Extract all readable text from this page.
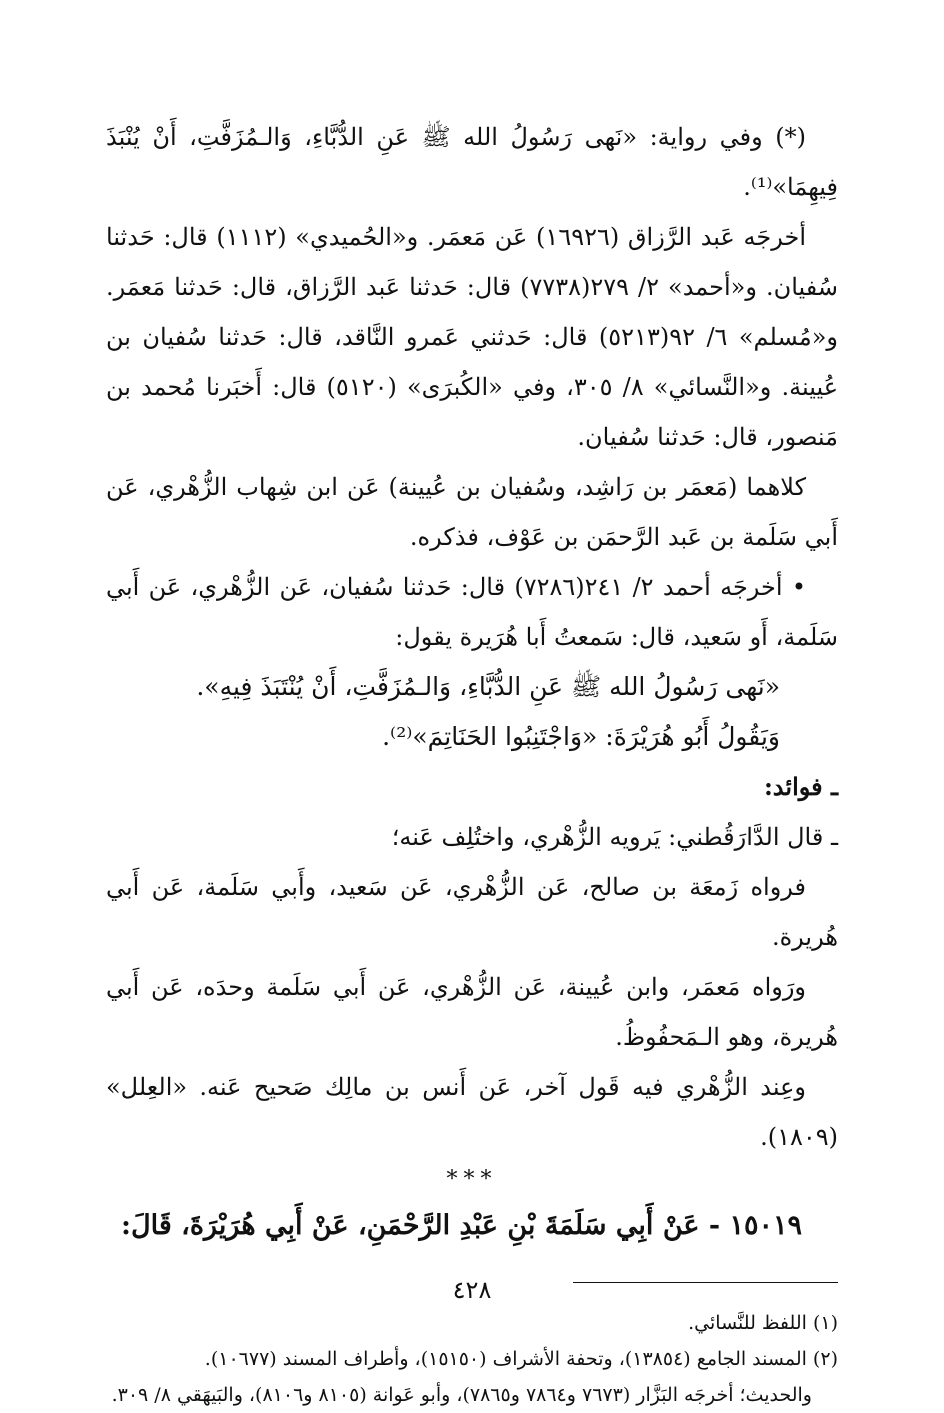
(*) وفي رواية: «نَهى رَسُولُ الله ﷺ عَنِ الدُّبَّاءِ، وَالـمُزَفَّتِ، أَنْ يُنْبَذَ فِيهِمَا»⁽¹⁾.

أخرجَه عَبد الرَّزاق (١٦٩٢٦) عَن مَعمَر. و«الحُميدي» (١١١٢) قال: حَدثنا سُفيان. و«أحمد» ٢/ ٢٧٩(٧٧٣٨) قال: حَدثنا عَبد الرَّزاق، قال: حَدثنا مَعمَر. و«مُسلم» ٦/ ٩٢(٥٢١٣) قال: حَدثني عَمرو النَّاقد، قال: حَدثنا سُفيان بن عُيينة. و«النَّسائي» ٨/ ٣٠٥، وفي «الكُبرَى» (٥١٢٠) قال: أَخبَرنا مُحمد بن مَنصور، قال: حَدثنا سُفيان.

كلاهما (مَعمَر بن رَاشِد، وسُفيان بن عُيينة) عَن ابن شِهاب الزُّهْري، عَن أَبي سَلَمة بن عَبد الرَّحمَن بن عَوْف، فذكره.

• أخرجَه أحمد ٢/ ٢٤١(٧٢٨٦) قال: حَدثنا سُفيان، عَن الزُّهْري، عَن أَبي سَلَمة، أَو سَعيد، قال: سَمعتُ أَبا هُرَيرة يقول:

«نَهى رَسُولُ الله ﷺ عَنِ الدُّبَّاءِ، وَالـمُزَفَّتِ، أَنْ يُنْتَبَذَ فِيهِ».

وَيَقُولُ أَبُو هُرَيْرَةَ: «وَاجْتَنِبُوا الحَنَاتِمَ»⁽²⁾.

ـ فوائد:

ـ قال الدَّارَقُطني: يَرويه الزُّهْري، واختُلِف عَنه؛

فرواه زَمعَة بن صالح، عَن الزُّهْري، عَن سَعيد، وأَبي سَلَمة، عَن أَبي هُريرة.

ورَواه مَعمَر، وابن عُيينة، عَن الزُّهْري، عَن أَبي سَلَمة وحدَه، عَن أَبي هُريرة، وهو الـمَحفُوظُ.

وعِند الزُّهْري فيه قَول آخر، عَن أَنس بن مالِك صَحيح عَنه. «العِلل» (١٨٠٩).

***

١٥٠١٩ - عَنْ أَبِي سَلَمَةَ بْنِ عَبْدِ الرَّحْمَنِ، عَنْ أَبِي هُرَيْرَةَ، قَالَ:

(١) اللفظ للنَّسائي.

(٢) المسند الجامع (١٣٨٥٤)، وتحفة الأشراف (١٥١٥٠)، وأطراف المسند (١٠٦٧٧).

والحديث؛ أخرجَه البَزَّار (٧٦٧٣ و٧٨٦٤ و٧٨٦٥)، وأبو عَوانة (٨١٠٥ و٨١٠٦)، والبَيهَقي ٨/ ٣٠٩.

٤٢٨
